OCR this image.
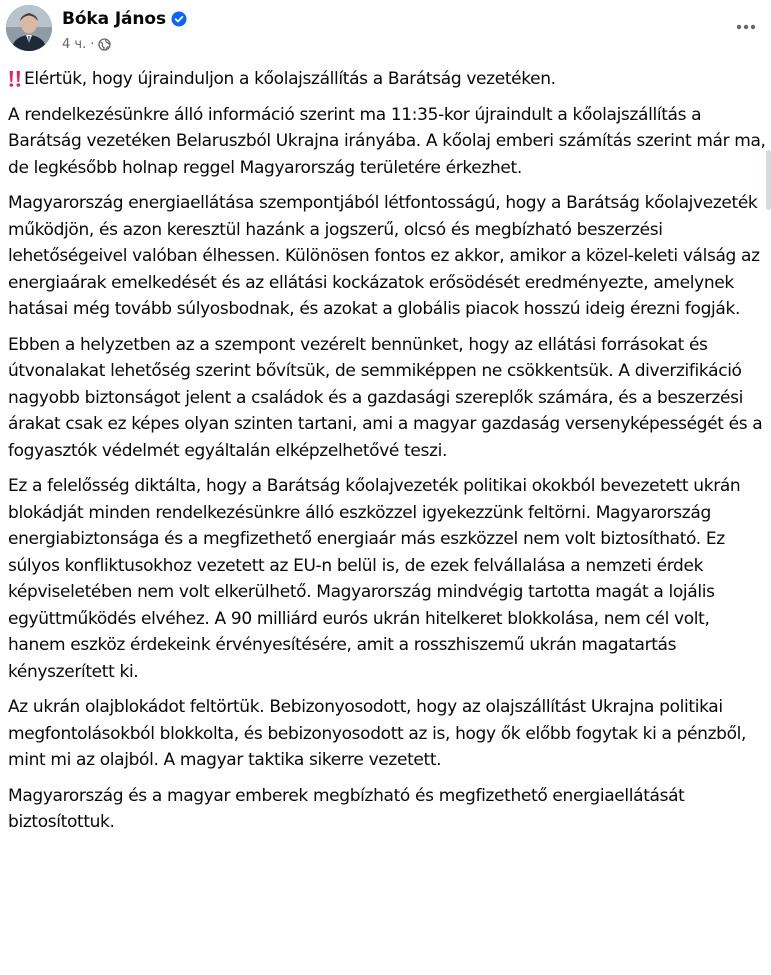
Bóka János
4 ч. ·

Elértük, hogy újrainduljon a kőolajszállítás a Barátság vezetéken.

A rendelkezésünkre álló információ szerint ma 11:35-kor újraindult a kőolajszállítás a Barátság vezetéken Belaruszból Ukrajna irányába. A kőolaj emberi számítás szerint már ma, de legkésőbb holnap reggel Magyarország területére érkezhet.

Magyarország energiaellátása szempontjából létfontosságú, hogy a Barátság kőolajvezeték működjön, és azon keresztül hazánk a jogszerű, olcsó és megbízható beszerzési lehetőségeivel valóban élhessen. Különösen fontos ez akkor, amikor a közel-keleti válság az energiaárak emelkedését és az ellátási kockázatok erősödését eredményezte, amelynek hatásai még tovább súlyosbodnak, és azokat a globális piacok hosszú ideig érezni fogják.

Ebben a helyzetben az a szempont vezérelt bennünket, hogy az ellátási forrásokat és útvonalakat lehetőség szerint bővítsük, de semmiképpen ne csökkentsük. A diverzifikáció nagyobb biztonságot jelent a családok és a gazdasági szereplők számára, és a beszerzési árakat csak ez képes olyan szinten tartani, ami a magyar gazdaság versenyképességét és a fogyasztók védelmét egyáltalán elképzelhetővé teszi.

Ez a felelősség diktálta, hogy a Barátság kőolajvezeték politikai okokból bevezetett ukrán blokádját minden rendelkezésünkre álló eszközzel igyekezzünk feltörni. Magyarország energiabiztonsága és a megfizethető energiaár más eszközzel nem volt biztosítható. Ez súlyos konfliktusokhoz vezetett az EU-n belül is, de ezek felvállalása a nemzeti érdek képviseletében nem volt elkerülhető. Magyarország mindvégig tartotta magát a lojális együttműködés elvéhez. A 90 milliárd eurós ukrán hitelkeret blokkolása, nem cél volt, hanem eszköz érdekeink érvényesítésére, amit a rosszhiszemű ukrán magatartás kényszerített ki.

Az ukrán olajblokádot feltörtük. Bebizonyosodott, hogy az olajszállítást Ukrajna politikai megfontolásokból blokkolta, és bebizonyosodott az is, hogy ők előbb fogytak ki a pénzből, mint mi az olajból. A magyar taktika sikerre vezetett.

Magyarország és a magyar emberek megbízható és megfizethető energiaellátását biztosítottuk.
